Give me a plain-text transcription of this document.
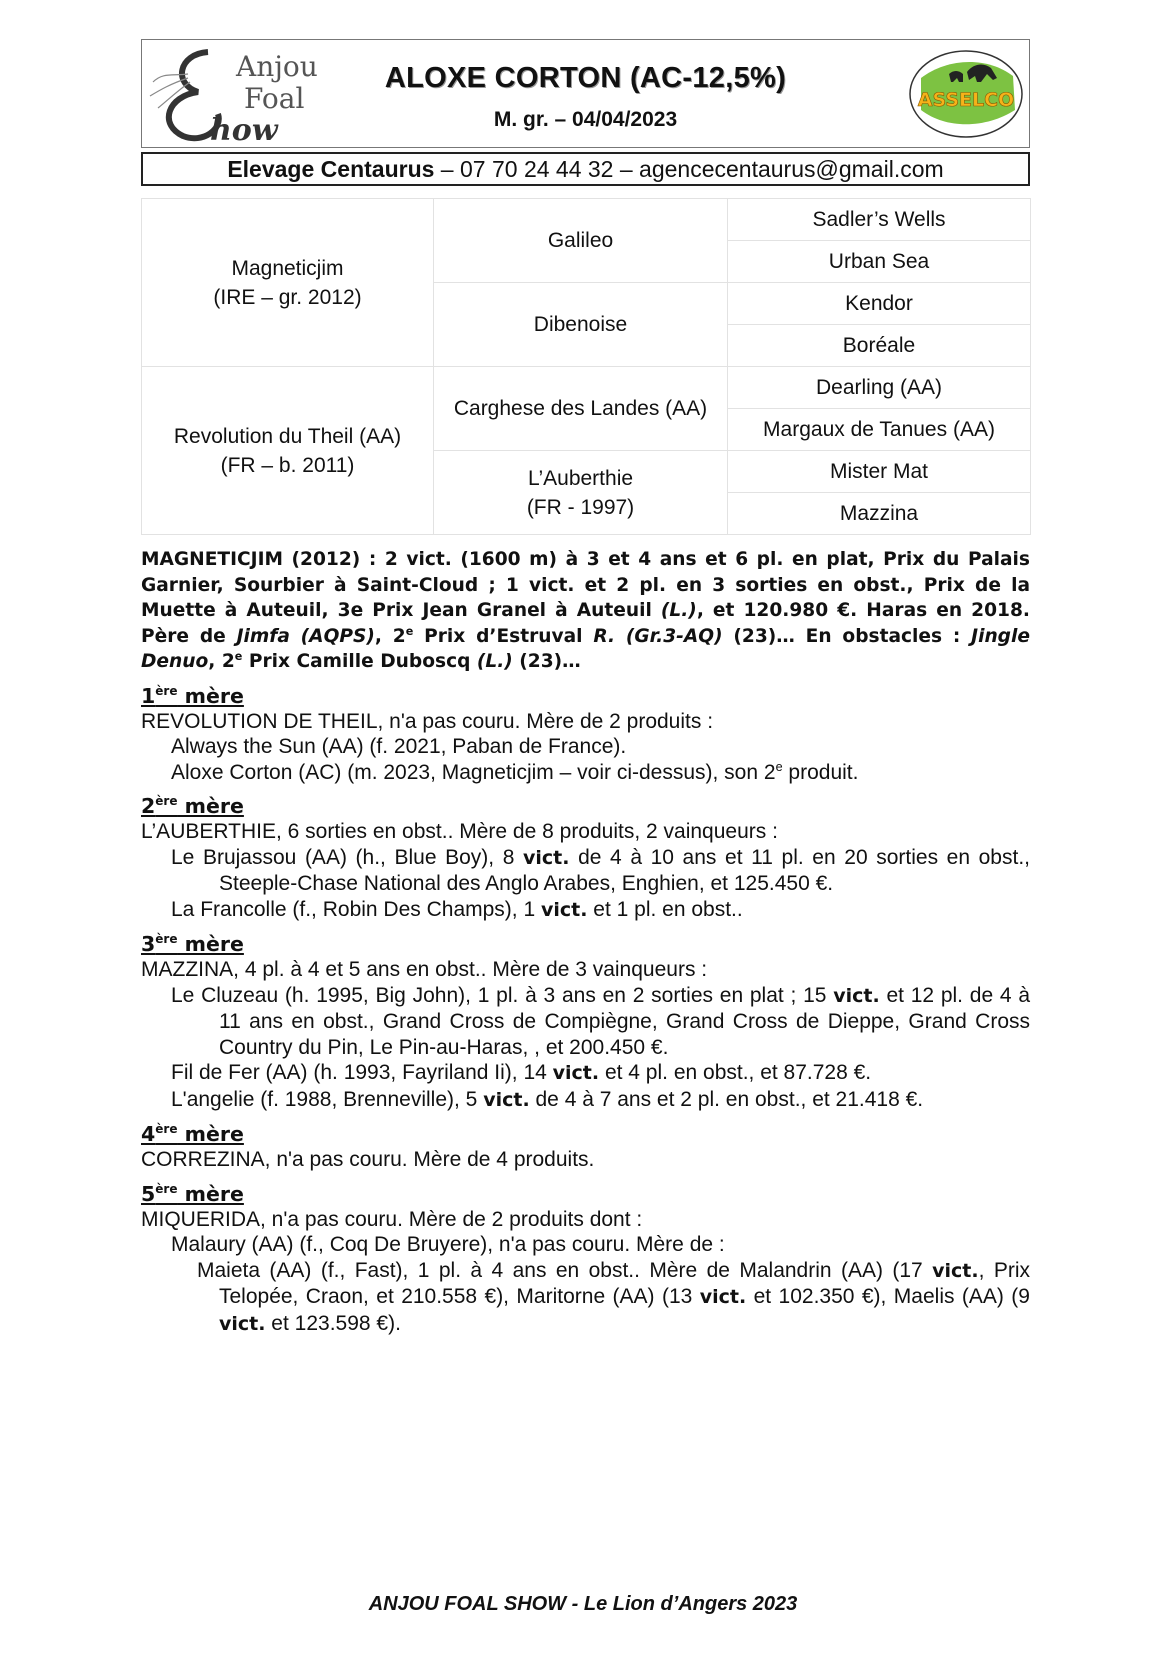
Anjou
Foal
how
ALOXE CORTON (AC-12,5%)
M. gr. – 04/04/2023
ASSELCO
Elevage Centaurus – 07 70 24 44 32 – agencecentaurus@gmail.com
Magneticjim
(IRE – gr. 2012)	Galileo	Sadler’s Wells
		Urban Sea
	Dibenoise	Kendor
		Boréale
Revolution du Theil (AA)
(FR – b. 2011)	Carghese des Landes (AA)	Dearling (AA)
		Margaux de Tanues (AA)
	L’Auberthie
(FR - 1997)	Mister Mat
		Mazzina
MAGNETICJIM (2012) : 2 vict. (1600 m) à 3 et 4 ans et 6 pl. en plat, Prix du Palais Garnier, Sourbier à Saint-Cloud ; 1 vict. et 2 pl. en 3 sorties en obst., Prix de la Muette à Auteuil, 3e Prix Jean Granel à Auteuil (L.), et 120.980 €. Haras en 2018. Père de Jimfa (AQPS), 2e Prix d’Estruval R. (Gr.3-AQ) (23)… En obstacles : Jingle Denuo, 2e Prix Camille Duboscq (L.) (23)…
1ère mère
REVOLUTION DE THEIL, n'a pas couru. Mère de 2 produits :
Always the Sun (AA) (f. 2021, Paban de France).
Aloxe Corton (AC) (m. 2023, Magneticjim – voir ci-dessus), son 2e produit.
2ère mère
L’AUBERTHIE, 6 sorties en obst.. Mère de 8 produits, 2 vainqueurs :
Le Brujassou (AA) (h., Blue Boy), 8 vict. de 4 à 10 ans et 11 pl. en 20 sorties en obst., Steeple-Chase National des Anglo Arabes, Enghien, et 125.450 €.
La Francolle (f., Robin Des Champs), 1 vict. et 1 pl. en obst..
3ère mère
MAZZINA, 4 pl. à 4 et 5 ans en obst.. Mère de 3 vainqueurs :
Le Cluzeau (h. 1995, Big John), 1 pl. à 3 ans en 2 sorties en plat ; 15 vict. et 12 pl. de 4 à 11 ans en obst., Grand Cross de Compiègne, Grand Cross de Dieppe, Grand Cross Country du Pin, Le Pin-au-Haras, , et 200.450 €.
Fil de Fer (AA) (h. 1993, Fayriland Ii), 14 vict. et 4 pl. en obst., et 87.728 €.
L'angelie (f. 1988, Brenneville), 5 vict. de 4 à 7 ans et 2 pl. en obst., et 21.418 €.
4ère mère
CORREZINA, n'a pas couru. Mère de 4 produits.
5ère mère
MIQUERIDA, n'a pas couru. Mère de 2 produits dont :
Malaury (AA) (f., Coq De Bruyere), n'a pas couru. Mère de :
Maieta (AA) (f., Fast), 1 pl. à 4 ans en obst.. Mère de Malandrin (AA) (17 vict., Prix Telopée, Craon, et 210.558 €), Maritorne (AA) (13 vict. et 102.350 €), Maelis (AA) (9 vict. et 123.598 €).
ANJOU FOAL SHOW - Le Lion d’Angers 2023
